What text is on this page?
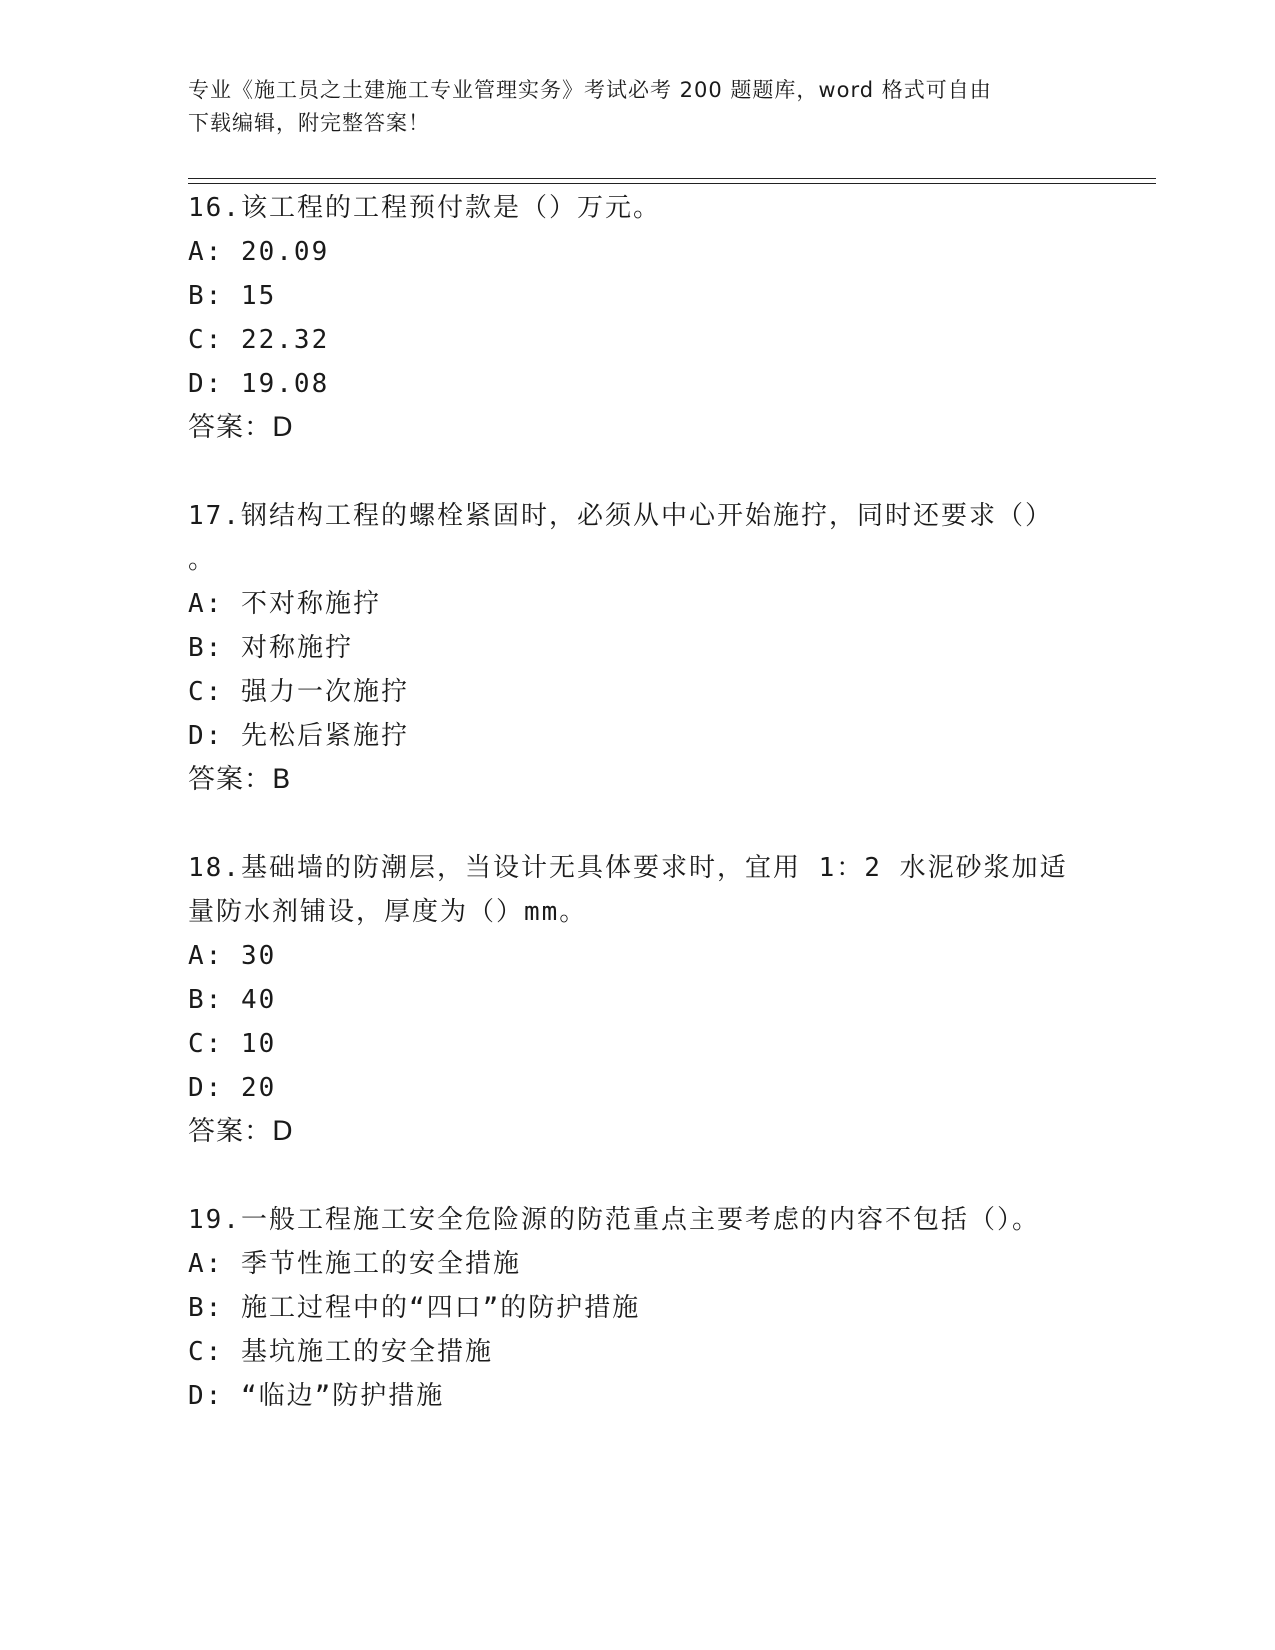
专业《施工员之土建施工专业管理实务》考试必考 200 题题库，word 格式可自由
下载编辑，附完整答案！
16.该工程的工程预付款是（）万元。
A: 20.09
B: 15
C: 22.32
D: 19.08
答案：D
17.钢结构工程的螺栓紧固时，必须从中心开始施拧，同时还要求（）
。
A: 不对称施拧
B: 对称施拧
C: 强力一次施拧
D: 先松后紧施拧
答案：B
18.基础墙的防潮层，当设计无具体要求时，宜用 1：2 水泥砂浆加适
量防水剂铺设，厚度为（）mm。
A: 30
B: 40
C: 10
D: 20
答案：D
19.一般工程施工安全危险源的防范重点主要考虑的内容不包括（）。
A: 季节性施工的安全措施
B: 施工过程中的“四口”的防护措施
C: 基坑施工的安全措施
D: “临边”防护措施
